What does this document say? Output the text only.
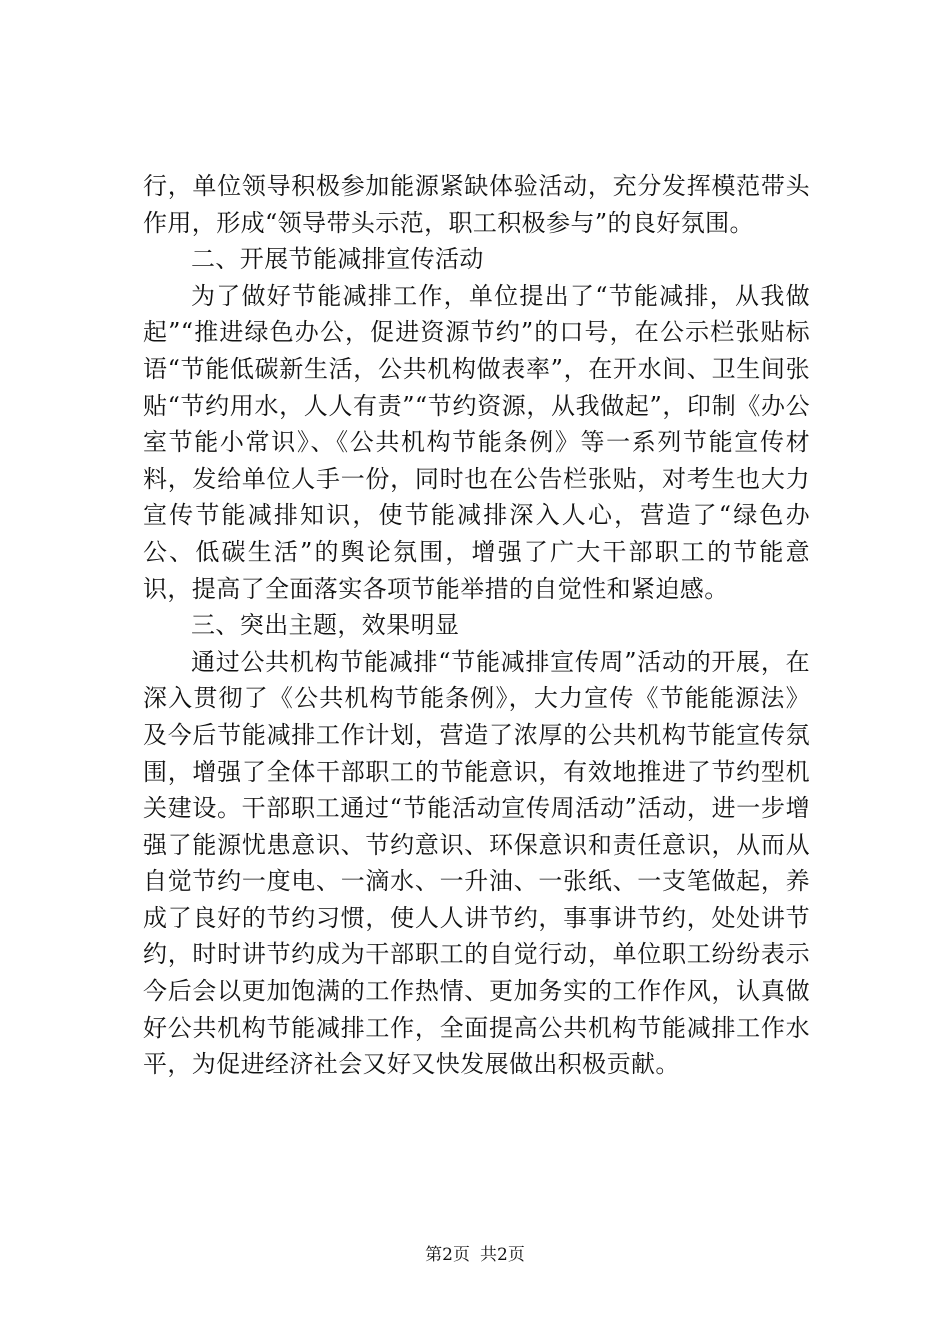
行，单位领导积极参加能源紧缺体验活动，充分发挥模范带头作用，形成“领导带头示范，职工积极参与”的良好氛围。

二、开展节能减排宣传活动

为了做好节能减排工作，单位提出了“节能减排，从我做起”“推进绿色办公，促进资源节约”的口号，在公示栏张贴标语“节能低碳新生活，公共机构做表率”，在开水间、卫生间张贴“节约用水，人人有责”“节约资源，从我做起”，印制《办公室节能小常识》、《公共机构节能条例》等一系列节能宣传材料，发给单位人手一份，同时也在公告栏张贴，对考生也大力宣传节能减排知识，使节能减排深入人心，营造了“绿色办公、低碳生活”的舆论氛围，增强了广大干部职工的节能意识，提高了全面落实各项节能举措的自觉性和紧迫感。

三、突出主题，效果明显

通过公共机构节能减排“节能减排宣传周”活动的开展，在深入贯彻了《公共机构节能条例》，大力宣传《节能能源法》及今后节能减排工作计划，营造了浓厚的公共机构节能宣传氛围，增强了全体干部职工的节能意识，有效地推进了节约型机关建设。干部职工通过“节能活动宣传周活动”活动，进一步增强了能源忧患意识、节约意识、环保意识和责任意识，从而从自觉节约一度电、一滴水、一升油、一张纸、一支笔做起，养成了良好的节约习惯，使人人讲节约，事事讲节约，处处讲节约，时时讲节约成为干部职工的自觉行动，单位职工纷纷表示今后会以更加饱满的工作热情、更加务实的工作作风，认真做好公共机构节能减排工作，全面提高公共机构节能减排工作水平，为促进经济社会又好又快发展做出积极贡献。

第2页 共2页
